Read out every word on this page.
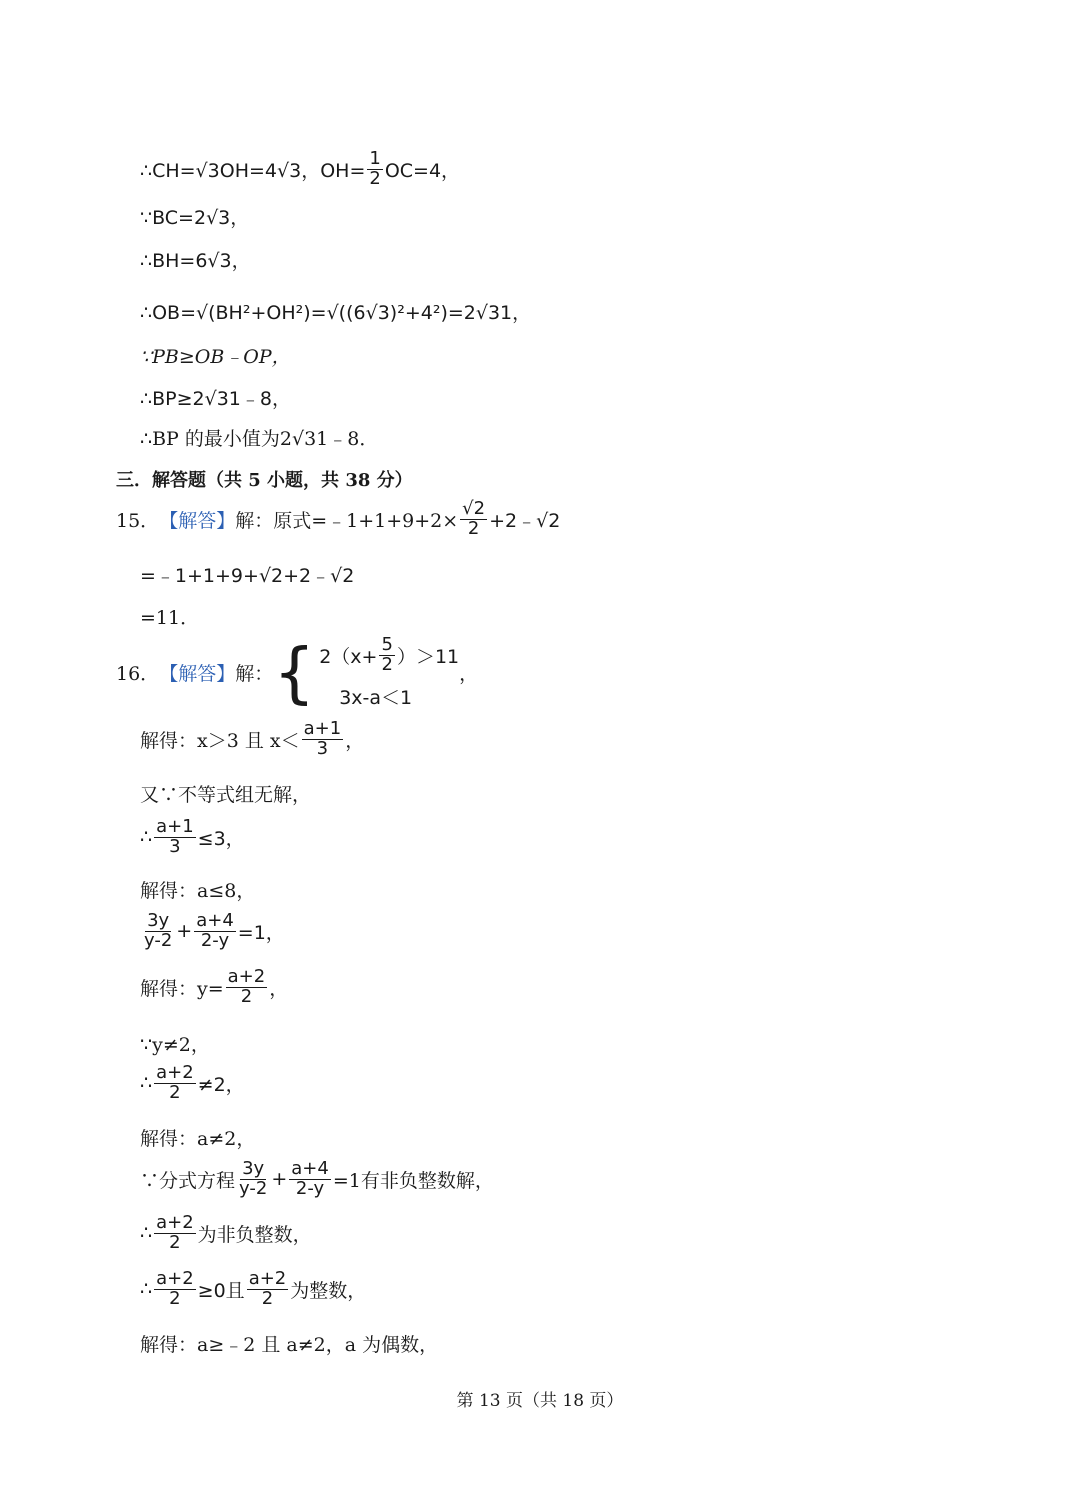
∴CH=√3OH=4√3，$OH= \frac{1}{2} OC=4$，
∵BC=2√3，
∴BH=6√3，
∴OB=√(BH²+OH²)=√((6√3)²+4²)=2√31，
∵PB≥OB﹣OP，
∴BP≥2√31﹣8，
∴BP 的最小值为2√31﹣8．
三．解答题（共 5 小题，共 38 分）
15． 【解答】 解：原式=﹣1+1+9+2× $\frac{√2}{2}$ +2﹣√2
=﹣1+1+9+√2+2﹣√2
=11．
16． 【解答】 解： { $2(x+ \frac{5}{2} )>11$
3x-a＜1
，
解得：x＞3 且 $x< \frac{a+1}{3}$ ，
又∵不等式组无解，
∴ $\frac{a+1}{3} \le 3$，
解得：a≤8，
$\frac{3y}{y-2} + \frac{a+4}{2-y} =1$，
解得：$y= \frac{a+2}{2}$ ，
∵y≠2，
∴ $\frac{a+2}{2} \ne 2$，
解得：a≠2，
∵分式方程 $\frac{3y}{y-2} + \frac{a+4}{2-y} =1$有非负整数解，
∴ $\frac{a+2}{2}$ 为非负整数，
∴ $\frac{a+2}{2} \ge 0$且 $\frac{a+2}{2}$ 为整数，
解得：a≥﹣2 且 a≠2，a 为偶数，
第 13 页（共 18 页）
